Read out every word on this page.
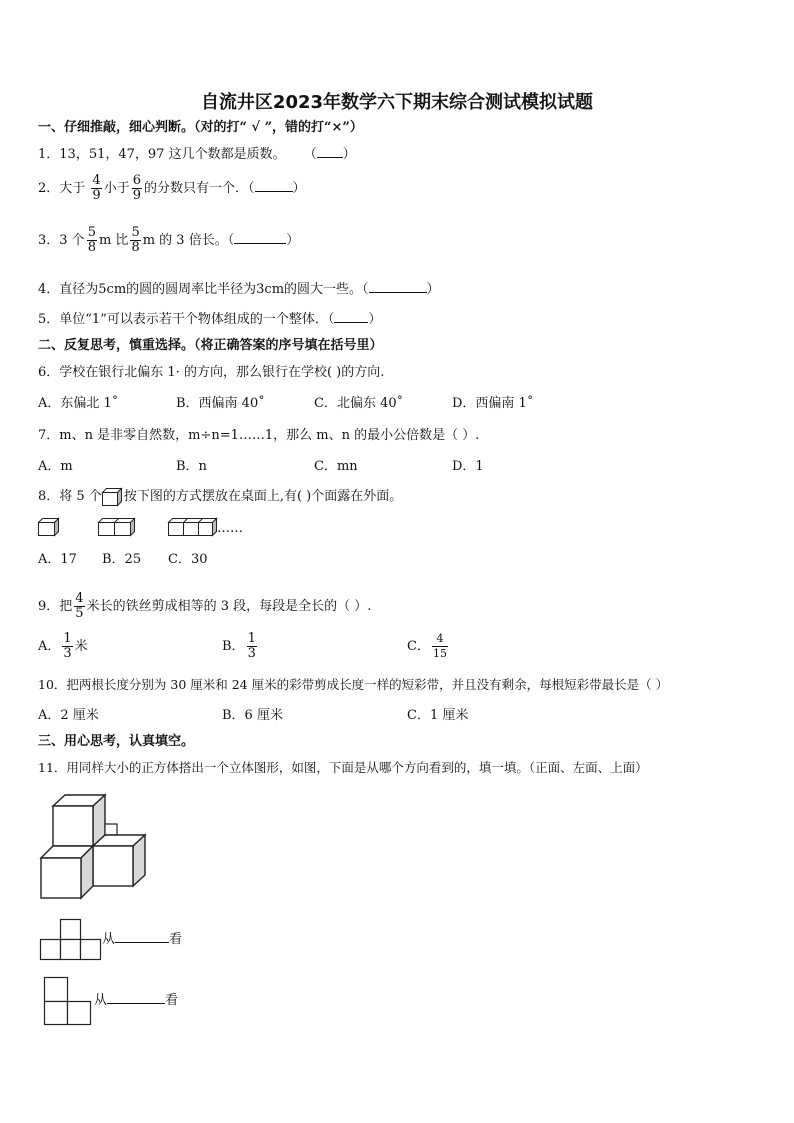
自流井区2023年数学六下期末综合测试模拟试题
一、仔细推敲，细心判断。（对的打“ √ ”，错的打“×”）
1．13，51，47，97 这几个数都是质数。 （ ）
2．大于 $\frac{4}{9}$ 小于 $\frac{6}{9}$ 的分数只有一个．（	）
3．3 个 $\frac{5}{8}$ m 比 $\frac{5}{8}$ m 的 3 倍长。（	）
4．直径为5cm的圆的圆周率比半径为3cm的圆大一些。（	）
5．单位“1”可以表示若干个物体组成的一个整体．（	）
二、反复思考，慎重选择。（将正确答案的序号填在括号里）
6．学校在银行北偏东 1· 的方向，那么银行在学校( )的方向.
A．东偏北 1˚	B．西偏南 40˚	C．北偏东 40˚	D．西偏南 1˚
7．m、n 是非零自然数，m÷n=1……1，那么 m、n 的最小公倍数是（ ）.
A．m	B．n	C．mn	D．1
8．将 5 个 按下图的方式摆放在桌面上,有( )个面露在外面。
……
A．17 B．25 C．30
9．把 $\frac{4}{5}$ 米长的铁丝剪成相等的 3 段，每段是全长的（ ）.
A． $\frac{1}{3}$ 米	B． $\frac{1}{3}$	C． $\frac{4}{15}$
10．把两根长度分别为 30 厘米和 24 厘米的彩带剪成长度一样的短彩带，并且没有剩余，每根短彩带最长是（ ）
A．2 厘米	B．6 厘米	C．1 厘米
三、用心思考，认真填空。
11．用同样大小的正方体搭出一个立体图形，如图，下面是从哪个方向看到的，填一填。（正面、左面、上面）
从	看
从	看
